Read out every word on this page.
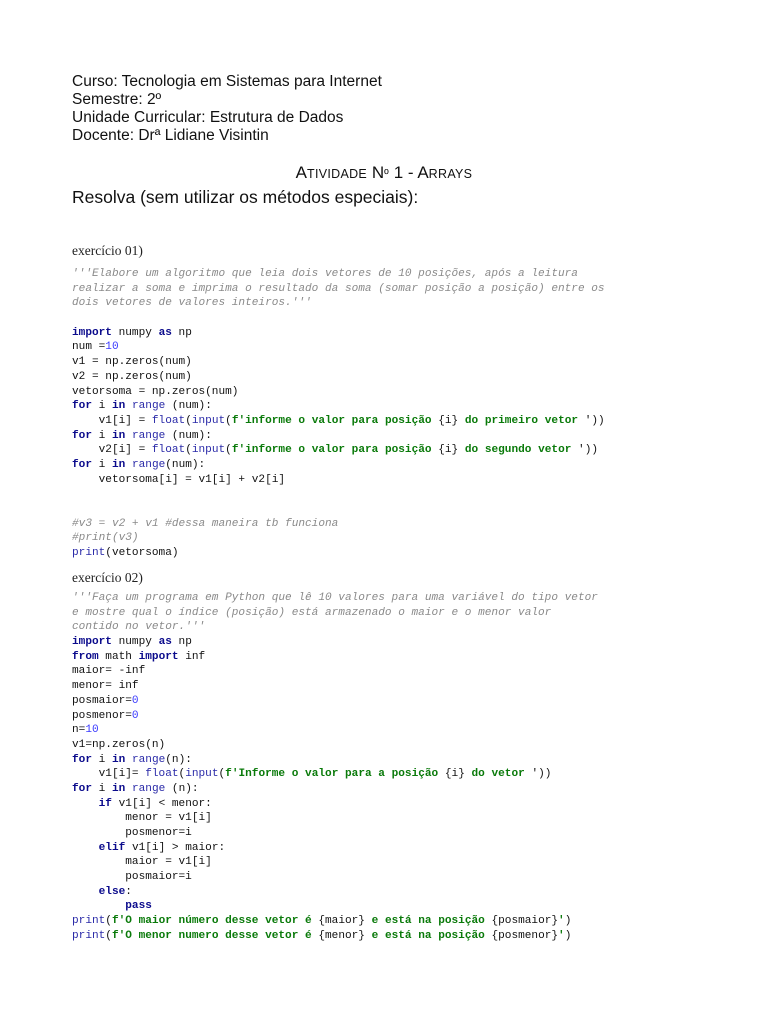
Curso: Tecnologia em Sistemas para Internet
Semestre: 2º
Unidade Curricular: Estrutura de Dados
Docente: Drª Lidiane Visintin
ATIVIDADE Nº 1 - ARRAYS
Resolva (sem utilizar os métodos especiais):
exercício 01)
'''Elabore um algoritmo que leia dois vetores de 10 posições, após a leitura
realizar a soma e imprima o resultado da soma (somar posição a posição) entre os
dois vetores de valores inteiros.'''
import numpy as np
num =10
v1 = np.zeros(num)
v2 = np.zeros(num)
vetorsoma = np.zeros(num)
for i in range (num):
v1[i] = float(input(f'informe o valor para posição {i} do primeiro vetor '))
for i in range (num):
v2[i] = float(input(f'informe o valor para posição {i} do segundo vetor '))
for i in range(num):
vetorsoma[i] = v1[i] + v2[i]
#v3 = v2 + v1 #dessa maneira tb funciona
#print(v3)
print(vetorsoma)
exercício 02)
'''Faça um programa em Python que lê 10 valores para uma variável do tipo vetor
e mostre qual o índice (posição) está armazenado o maior e o menor valor
contido no vetor.'''
import numpy as np
from math import inf
maior= -inf
menor= inf
posmaior=0
posmenor=0
n=10
v1=np.zeros(n)
for i in range(n):
v1[i]= float(input(f'Informe o valor para a posição {i} do vetor '))
for i in range (n):
if v1[i] < menor:
menor = v1[i]
posmenor=i
elif v1[i] > maior:
maior = v1[i]
posmaior=i
else:
pass
print(f'O maior número desse vetor é {maior} e está na posição {posmaior}')
print(f'O menor numero desse vetor é {menor} e está na posição {posmenor}')
